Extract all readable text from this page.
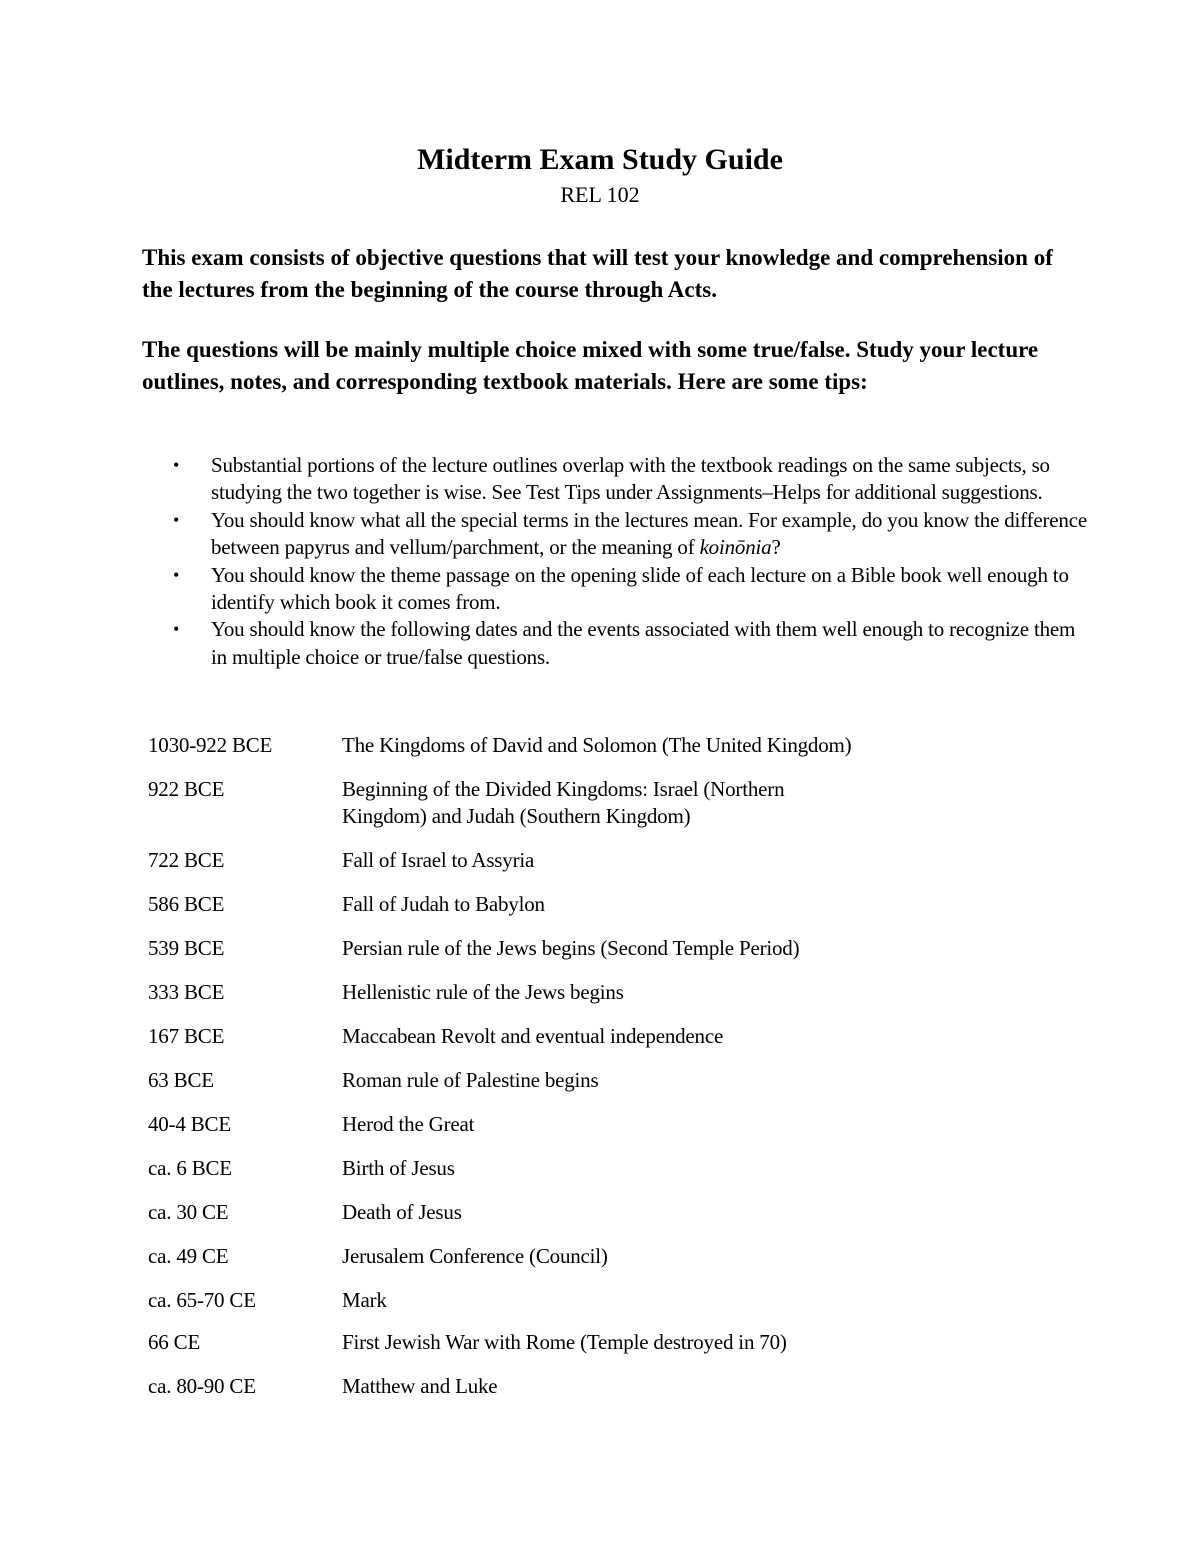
Midterm Exam Study Guide
REL 102
This exam consists of objective questions that will test your knowledge and comprehension of the lectures from the beginning of the course through Acts.
The questions will be mainly multiple choice mixed with some true/false. Study your lecture outlines, notes, and corresponding textbook materials. Here are some tips:
• Substantial portions of the lecture outlines overlap with the textbook readings on the same subjects, so studying the two together is wise. See Test Tips under Assignments–Helps for additional suggestions.
• You should know what all the special terms in the lectures mean. For example, do you know the difference between papyrus and vellum/parchment, or the meaning of koinōnia?
• You should know the theme passage on the opening slide of each lecture on a Bible book well enough to identify which book it comes from.
• You should know the following dates and the events associated with them well enough to recognize them in multiple choice or true/false questions.
1030-922 BCE	The Kingdoms of David and Solomon (The United Kingdom)
922 BCE	Beginning of the Divided Kingdoms: Israel (Northern Kingdom) and Judah (Southern Kingdom)
722 BCE	Fall of Israel to Assyria
586 BCE	Fall of Judah to Babylon
539 BCE	Persian rule of the Jews begins (Second Temple Period)
333 BCE	Hellenistic rule of the Jews begins
167 BCE	Maccabean Revolt and eventual independence
63 BCE	Roman rule of Palestine begins
40-4 BCE	Herod the Great
ca. 6 BCE	Birth of Jesus
ca. 30 CE	Death of Jesus
ca. 49 CE	Jerusalem Conference (Council)
ca. 65-70 CE	Mark
66 CE	First Jewish War with Rome (Temple destroyed in 70)
ca. 80-90 CE	Matthew and Luke
